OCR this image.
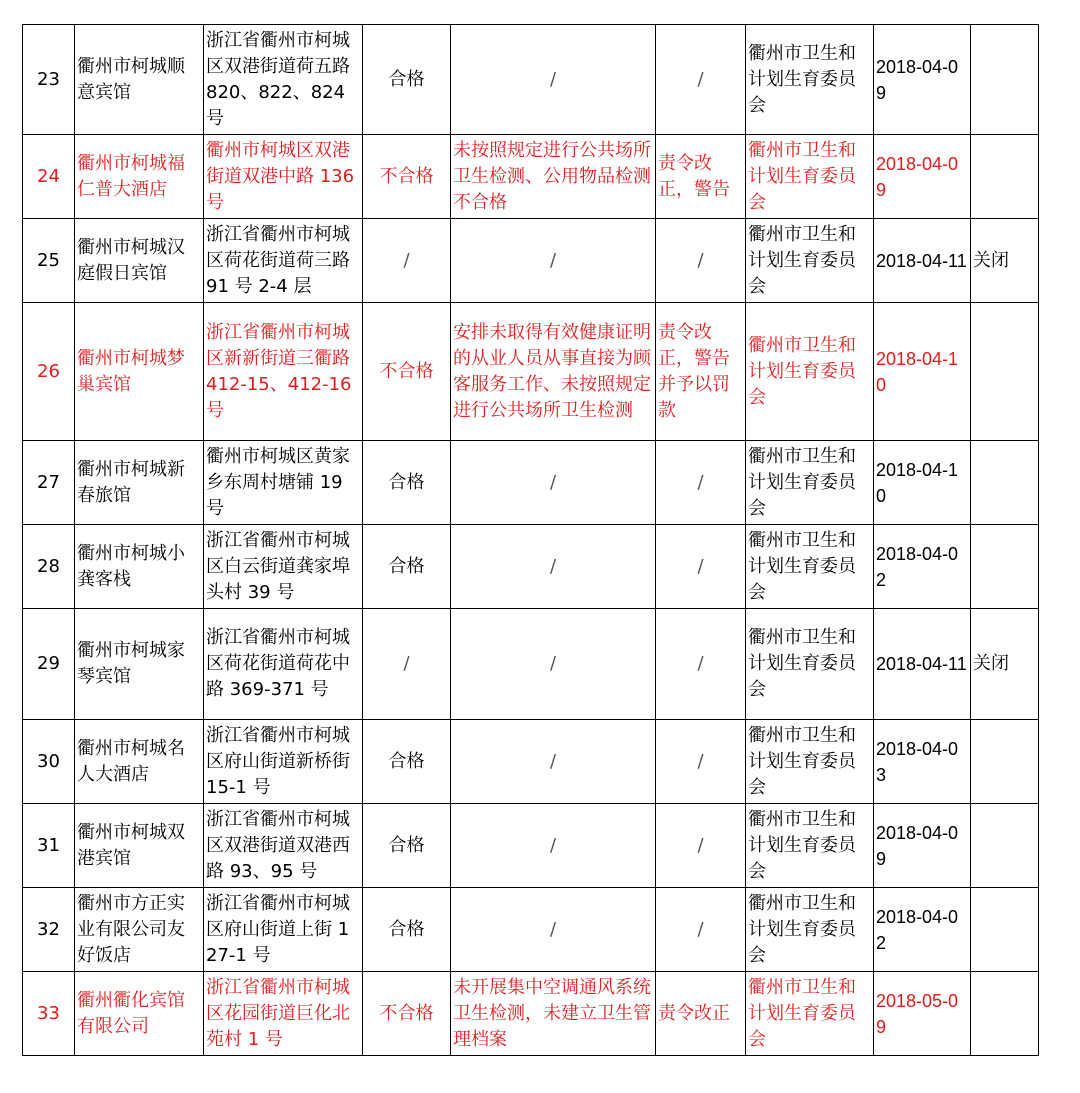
23	衢州市柯城顺意宾馆	浙江省衢州市柯城区双港街道荷五路 820、822、824 号	合格	/	/	衢州市卫生和计划生育委员会	2018-04-09	
24	衢州市柯城福仁普大酒店	衢州市柯城区双港街道双港中路 136 号	不合格	未按照规定进行公共场所卫生检测、公用物品检测不合格	责令改正，警告	衢州市卫生和计划生育委员会	2018-04-09	
25	衢州市柯城汉庭假日宾馆	浙江省衢州市柯城区荷花街道荷三路 91 号 2-4 层	/	/	/	衢州市卫生和计划生育委员会	2018-04-11	关闭
26	衢州市柯城梦巢宾馆	浙江省衢州市柯城区新新街道三衢路 412-15、412-16 号	不合格	安排未取得有效健康证明的从业人员从事直接为顾客服务工作、未按照规定进行公共场所卫生检测	责令改正，警告并予以罚款	衢州市卫生和计划生育委员会	2018-04-10	
27	衢州市柯城新春旅馆	衢州市柯城区黄家乡东周村塘铺 19 号	合格	/	/	衢州市卫生和计划生育委员会	2018-04-10	
28	衢州市柯城小龚客栈	浙江省衢州市柯城区白云街道龚家埠头村 39 号	合格	/	/	衢州市卫生和计划生育委员会	2018-04-02	
29	衢州市柯城家琴宾馆	浙江省衢州市柯城区荷花街道荷花中路 369-371 号	/	/	/	衢州市卫生和计划生育委员会	2018-04-11	关闭
30	衢州市柯城名人大酒店	浙江省衢州市柯城区府山街道新桥街 15-1 号	合格	/	/	衢州市卫生和计划生育委员会	2018-04-03	
31	衢州市柯城双港宾馆	浙江省衢州市柯城区双港街道双港西路 93、95 号	合格	/	/	衢州市卫生和计划生育委员会	2018-04-09	
32	衢州市方正实业有限公司友好饭店	浙江省衢州市柯城区府山街道上街 127-1 号	合格	/	/	衢州市卫生和计划生育委员会	2018-04-02	
33	衢州衢化宾馆有限公司	浙江省衢州市柯城区花园街道巨化北苑村 1 号	不合格	未开展集中空调通风系统卫生检测，未建立卫生管理档案	责令改正	衢州市卫生和计划生育委员会	2018-05-09	
